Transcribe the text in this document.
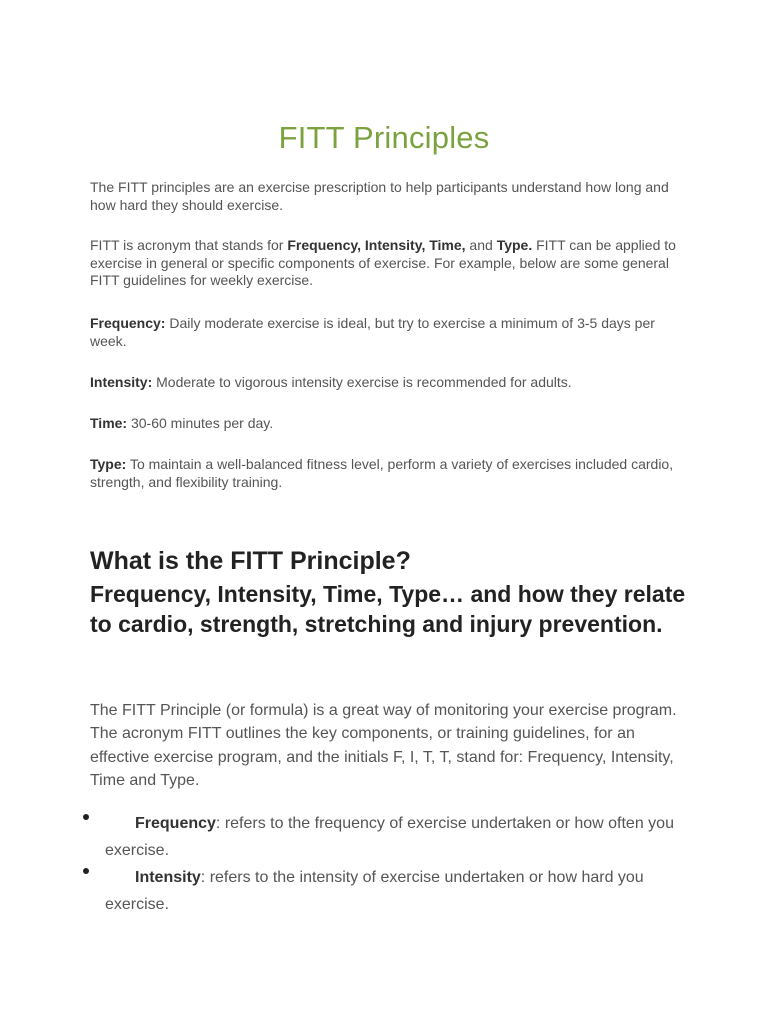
FITT Principles

The FITT principles are an exercise prescription to help participants understand how long and how hard they should exercise.

FITT is acronym that stands for Frequency, Intensity, Time, and Type. FITT can be applied to exercise in general or specific components of exercise. For example, below are some general FITT guidelines for weekly exercise.

Frequency: Daily moderate exercise is ideal, but try to exercise a minimum of 3-5 days per week.

Intensity: Moderate to vigorous intensity exercise is recommended for adults.

Time: 30-60 minutes per day.

Type: To maintain a well-balanced fitness level, perform a variety of exercises included cardio, strength, and flexibility training.

What is the FITT Principle?
Frequency, Intensity, Time, Type… and how they relate to cardio, strength, stretching and injury prevention.

The FITT Principle (or formula) is a great way of monitoring your exercise program. The acronym FITT outlines the key components, or training guidelines, for an effective exercise program, and the initials F, I, T, T, stand for: Frequency, Intensity, Time and Type.

Frequency: refers to the frequency of exercise undertaken or how often you exercise.
Intensity: refers to the intensity of exercise undertaken or how hard you exercise.
